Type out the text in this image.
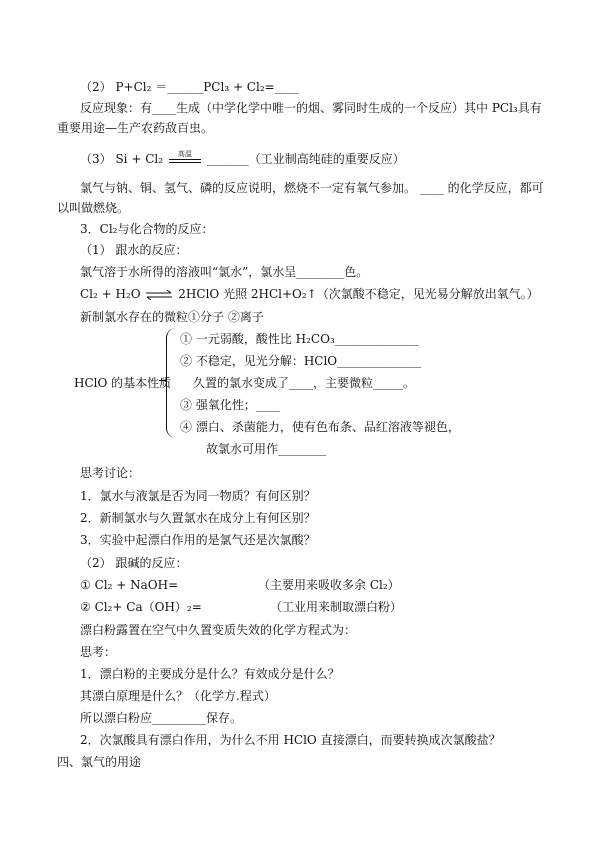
（2） P+Cl₂ ＝______PCl₃ + Cl₂=____
反应现象：有____生成（中学化学中唯一的烟、雾同时生成的一个反应）其中 PCl₃具有
重要用途—生产农药敌百虫。
（3） Si + Cl₂	高温	_______（工业制高纯硅的重要反应）
氯气与钠、铜、氢气、磷的反应说明，燃烧不一定有氧气参加。 ____ 的化学反应，都可
以叫做燃烧。
3．Cl₂与化合物的反应：
（1） 跟水的反应：
氯气溶于水所得的溶液叫“氯水”，氯水呈________色。
Cl₂ + H₂O ⇌ 2HClO 光照 2HCl+O₂↑（次氯酸不稳定，见光易分解放出氧气。）
新制氯水存在的微粒①分子 ②离子
HClO 的基本性质
① 一元弱酸，酸性比 H₂CO₃______________
② 不稳定，见光分解：HClO______________
久置的氯水变成了____，主要微粒_____。
③ 强氧化性；____
④ 漂白、杀菌能力，使有色布条、品红溶液等褪色，
故氯水可用作________
思考讨论：
1．氯水与液氯是否为同一物质？有何区别？
2．新制氯水与久置氯水在成分上有何区别？
3．实验中起漂白作用的是氯气还是次氯酸？
（2） 跟碱的反应：
① Cl₂ + NaOH=	（主要用来吸收多余 Cl₂）
② Cl₂+ Ca（OH）₂=	（工业用来制取漂白粉）
漂白粉露置在空气中久置变质失效的化学方程式为：
思考：
1．漂白粉的主要成分是什么？有效成分是什么？
其漂白原理是什么？（化学方.程式）
所以漂白粉应_________保存。
2．次氯酸具有漂白作用，为什么不用 HClO 直接漂白，而要转换成次氯酸盐？
四、氯气的用途
